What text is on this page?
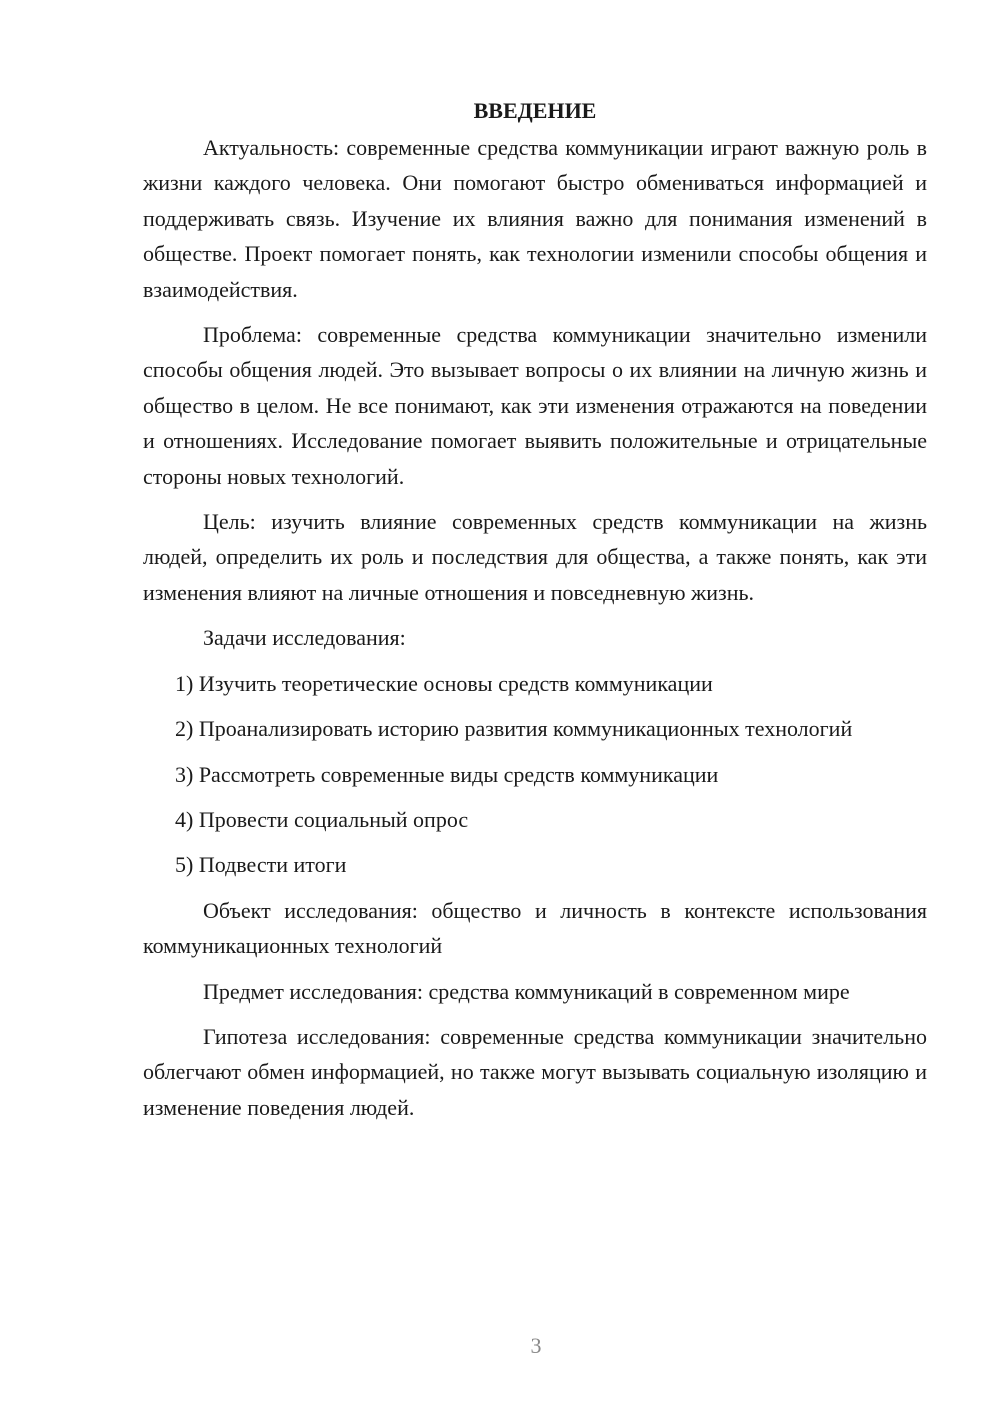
ВВЕДЕНИЕ

Актуальность: современные средства коммуникации играют важную роль в жизни каждого человека. Они помогают быстро обмениваться информацией и поддерживать связь. Изучение их влияния важно для понимания изменений в обществе. Проект помогает понять, как технологии изменили способы общения и взаимодействия.

Проблема: современные средства коммуникации значительно изменили способы общения людей. Это вызывает вопросы о их влиянии на личную жизнь и общество в целом. Не все понимают, как эти изменения отражаются на поведении и отношениях. Исследование помогает выявить положительные и отрицательные стороны новых технологий.

Цель: изучить влияние современных средств коммуникации на жизнь людей, определить их роль и последствия для общества, а также понять, как эти изменения влияют на личные отношения и повседневную жизнь.

Задачи исследования:

1) Изучить теоретические основы средств коммуникации

2) Проанализировать историю развития коммуникационных технологий

3) Рассмотреть современные виды средств коммуникации

4) Провести социальный опрос

5) Подвести итоги

Объект исследования: общество и личность в контексте использования коммуникационных технологий

Предмет исследования: средства коммуникаций в современном мире

Гипотеза исследования: современные средства коммуникации значительно облегчают обмен информацией, но также могут вызывать социальную изоляцию и изменение поведения людей.

3
